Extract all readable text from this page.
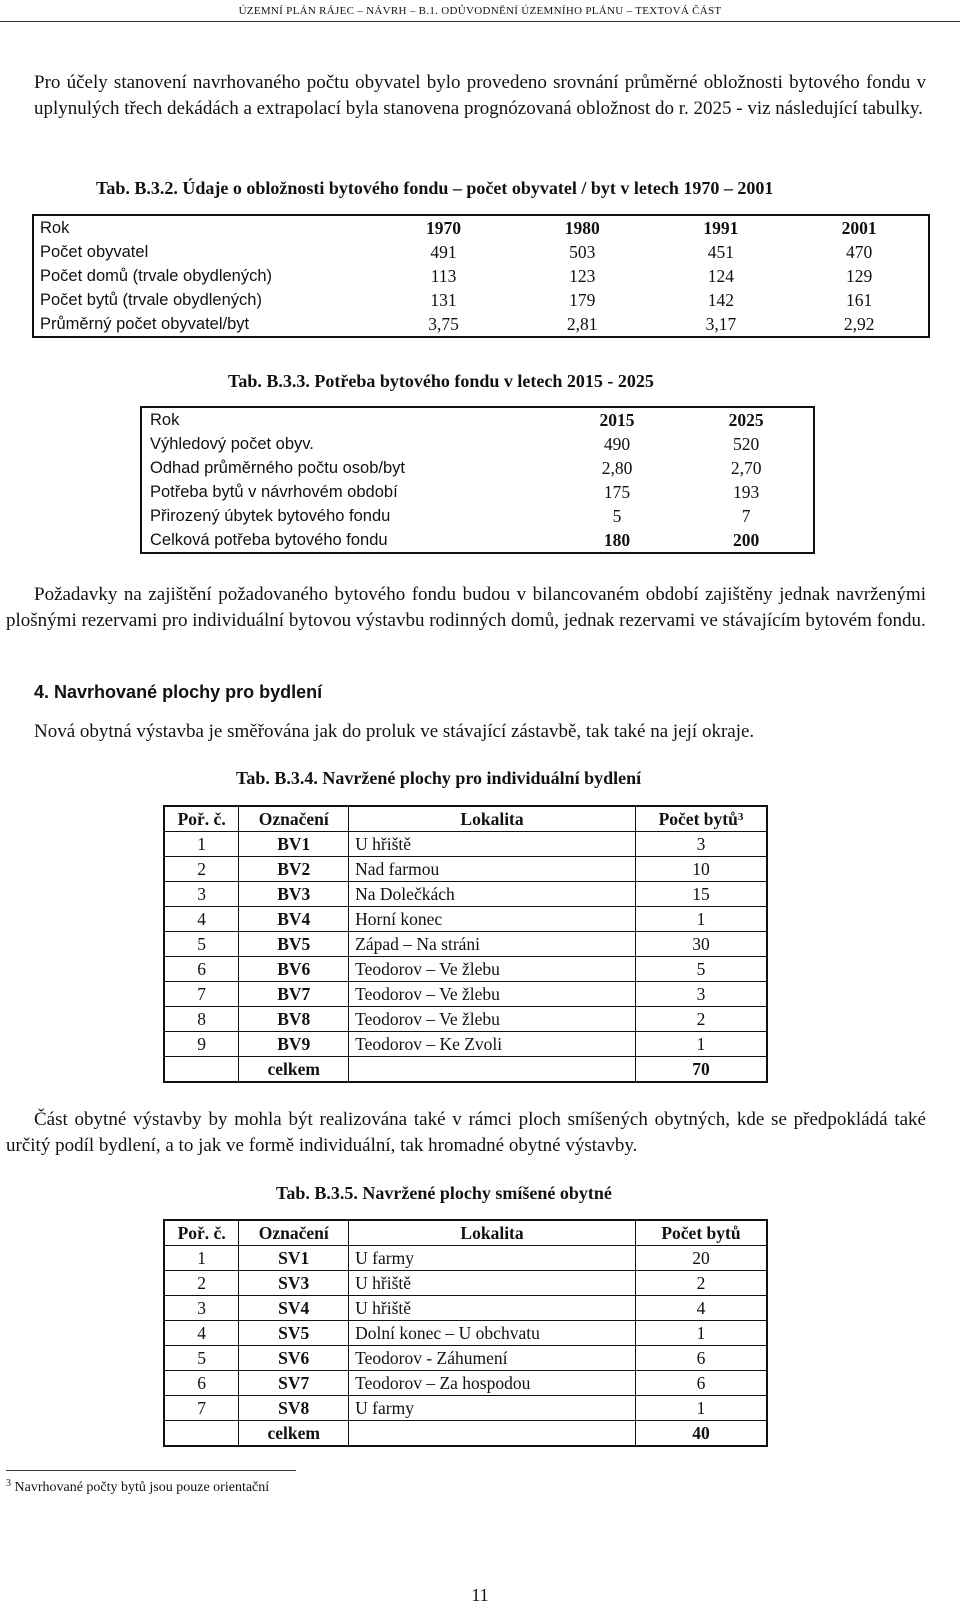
ÚZEMNÍ PLÁN RÁJEC – NÁVRH – B.1. ODŮVODNĚNÍ ÚZEMNÍHO PLÁNU – TEXTOVÁ ČÁST
Pro účely stanovení navrhovaného počtu obyvatel bylo provedeno srovnání průměrné obložnosti bytového fondu v uplynulých třech dekádách a extrapolací byla stanovena prognózovaná obložnost do r. 2025 - viz následující tabulky.
Tab. B.3.2. Údaje o obložnosti bytového fondu – počet obyvatel / byt v letech 1970 – 2001
Rok	1970	1980	1991	2001
Počet obyvatel	491	503	451	470
Počet domů (trvale obydlených)	113	123	124	129
Počet bytů (trvale obydlených)	131	179	142	161
Průměrný počet obyvatel/byt	3,75	2,81	3,17	2,92
Tab. B.3.3. Potřeba bytového fondu v letech 2015 - 2025
Rok	2015	2025
Výhledový počet obyv.	490	520
Odhad průměrného počtu osob/byt	2,80	2,70
Potřeba bytů v návrhovém období	175	193
Přirozený úbytek bytového fondu	5	7
Celková potřeba bytového fondu	180	200
Požadavky na zajištění požadovaného bytového fondu budou v bilancovaném období zajištěny jednak navrženými plošnými rezervami pro individuální bytovou výstavbu rodinných domů, jednak rezervami ve stávajícím bytovém fondu.
4. Navrhované plochy pro bydlení
Nová obytná výstavba je směřována jak do proluk ve stávající zástavbě, tak také na její okraje.
Tab. B.3.4. Navržené plochy pro individuální bydlení
Poř. č.	Označení	Lokalita	Počet bytů$^3$
1	BV1	U hřiště	3
2	BV2	Nad farmou	10
3	BV3	Na Dolečkách	15
4	BV4	Horní konec	1
5	BV5	Západ – Na stráni	30
6	BV6	Teodorov – Ve žlebu	5
7	BV7	Teodorov – Ve žlebu	3
8	BV8	Teodorov – Ve žlebu	2
9	BV9	Teodorov – Ke Zvoli	1
	celkem		70
Část obytné výstavby by mohla být realizována také v rámci ploch smíšených obytných, kde se předpokládá také určitý podíl bydlení, a to jak ve formě individuální, tak hromadné obytné výstavby.
Tab. B.3.5. Navržené plochy smíšené obytné
Poř. č.	Označení	Lokalita	Počet bytů
1	SV1	U farmy	20
2	SV3	U hřiště	2
3	SV4	U hřiště	4
4	SV5	Dolní konec – U obchvatu	1
5	SV6	Teodorov - Záhumení	6
6	SV7	Teodorov – Za hospodou	6
7	SV8	U farmy	1
	celkem		40
$^3$ Navrhované počty bytů jsou pouze orientační
11
